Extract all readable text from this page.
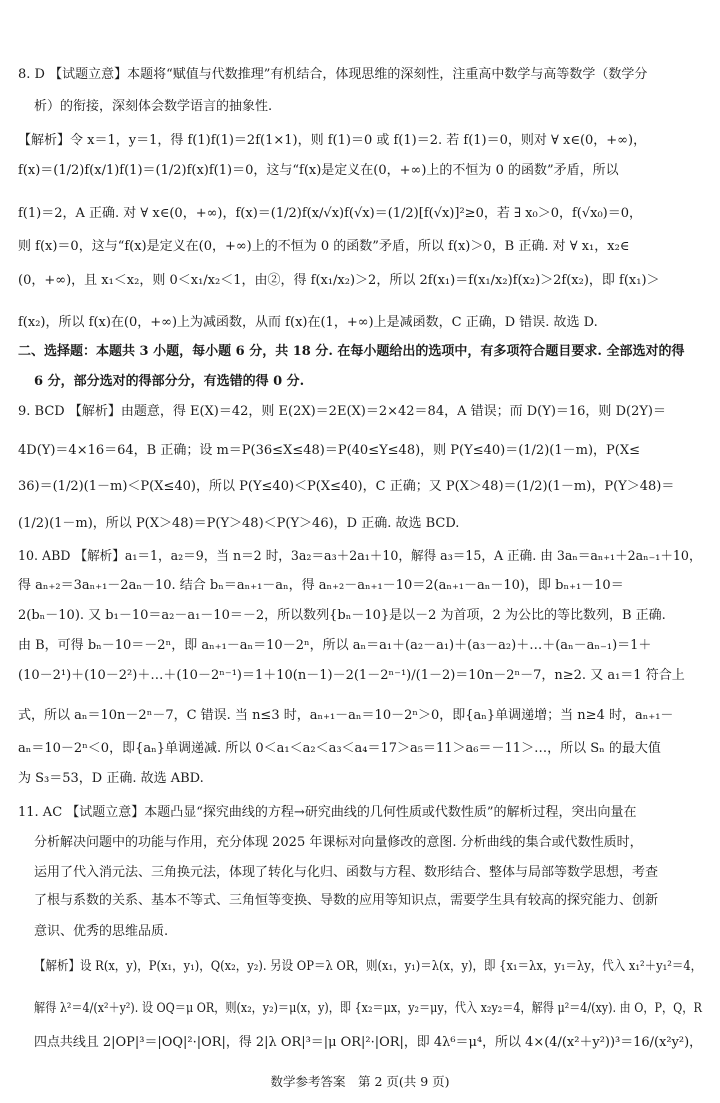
8. D 【试题立意】本题将“赋值与代数推理”有机结合，体现思维的深刻性，注重高中数学与高等数学（数学分
析）的衔接，深刻体会数学语言的抽象性.
【解析】令 x＝1，y＝1，得 f(1)f(1)＝2f(1×1)，则 f(1)＝0 或 f(1)＝2. 若 f(1)＝0，则对 ∀ x∈(0，+∞)，
f(x)＝(1/2)f(x/1)f(1)＝(1/2)f(x)f(1)＝0，这与“f(x)是定义在(0，+∞)上的不恒为 0 的函数”矛盾，所以
f(1)＝2，A 正确. 对 ∀ x∈(0，+∞)，f(x)＝(1/2)f(x/√x)f(√x)＝(1/2)[f(√x)]²≥0，若 ∃ x₀＞0，f(√x₀)＝0，
则 f(x)＝0，这与“f(x)是定义在(0，+∞)上的不恒为 0 的函数”矛盾，所以 f(x)＞0，B 正确. 对 ∀ x₁，x₂∈
(0，+∞)，且 x₁＜x₂，则 0＜x₁/x₂＜1，由②，得 f(x₁/x₂)＞2，所以 2f(x₁)＝f(x₁/x₂)f(x₂)＞2f(x₂)，即 f(x₁)＞
f(x₂)，所以 f(x)在(0，+∞)上为减函数，从而 f(x)在(1，+∞)上是减函数，C 正确，D 错误. 故选 D.
二、选择题：本题共 3 小题，每小题 6 分，共 18 分. 在每小题给出的选项中，有多项符合题目要求. 全部选对的得
6 分，部分选对的得部分分，有选错的得 0 分.
9. BCD 【解析】由题意，得 E(X)＝42，则 E(2X)＝2E(X)＝2×42＝84，A 错误；而 D(Y)＝16，则 D(2Y)＝
4D(Y)＝4×16＝64，B 正确；设 m＝P(36≤X≤48)＝P(40≤Y≤48)，则 P(Y≤40)＝(1/2)(1－m)，P(X≤
36)＝(1/2)(1－m)＜P(X≤40)，所以 P(Y≤40)＜P(X≤40)，C 正确；又 P(X＞48)＝(1/2)(1－m)，P(Y＞48)＝
(1/2)(1－m)，所以 P(X＞48)＝P(Y＞48)＜P(Y＞46)，D 正确. 故选 BCD.
10. ABD 【解析】a₁＝1，a₂＝9，当 n＝2 时，3a₂＝a₃＋2a₁＋10，解得 a₃＝15，A 正确. 由 3aₙ＝aₙ₊₁＋2aₙ₋₁＋10，
得 aₙ₊₂＝3aₙ₊₁－2aₙ－10. 结合 bₙ＝aₙ₊₁－aₙ，得 aₙ₊₂－aₙ₊₁－10＝2(aₙ₊₁－aₙ－10)，即 bₙ₊₁－10＝
2(bₙ－10). 又 b₁－10＝a₂－a₁－10＝－2，所以数列{bₙ－10}是以－2 为首项，2 为公比的等比数列，B 正确.
由 B，可得 bₙ－10＝－2ⁿ，即 aₙ₊₁－aₙ＝10－2ⁿ，所以 aₙ＝a₁＋(a₂－a₁)＋(a₃－a₂)＋…＋(aₙ－aₙ₋₁)＝1＋
(10－2¹)＋(10－2²)＋…＋(10－2ⁿ⁻¹)＝1＋10(n－1)－2(1－2ⁿ⁻¹)/(1－2)＝10n－2ⁿ－7，n≥2. 又 a₁＝1 符合上
式，所以 aₙ＝10n－2ⁿ－7，C 错误. 当 n≤3 时，aₙ₊₁－aₙ＝10－2ⁿ＞0，即{aₙ}单调递增；当 n≥4 时，aₙ₊₁－
aₙ＝10－2ⁿ＜0，即{aₙ}单调递减. 所以 0＜a₁＜a₂＜a₃＜a₄＝17＞a₅＝11＞a₆＝－11＞…，所以 Sₙ 的最大值
为 S₃＝53，D 正确. 故选 ABD.
11. AC 【试题立意】本题凸显“探究曲线的方程→研究曲线的几何性质或代数性质”的解析过程，突出向量在
分析解决问题中的功能与作用，充分体现 2025 年课标对向量修改的意图. 分析曲线的集合或代数性质时，
运用了代入消元法、三角换元法，体现了转化与化归、函数与方程、数形结合、整体与局部等数学思想，考查
了根与系数的关系、基本不等式、三角恒等变换、导数的应用等知识点，需要学生具有较高的探究能力、创新
意识、优秀的思维品质.
【解析】设 R(x，y)，P(x₁，y₁)，Q(x₂，y₂). 另设 OP＝λ OR，则(x₁，y₁)＝λ(x，y)，即 {x₁＝λx，y₁＝λy，代入 x₁²＋y₁²＝4，
解得 λ²＝4/(x²＋y²). 设 OQ＝μ OR，则(x₂，y₂)＝μ(x，y)，即 {x₂＝μx，y₂＝μy，代入 x₂y₂＝4，解得 μ²＝4/(xy). 由 O，P，Q，R
四点共线且 2|OP|³＝|OQ|²·|OR|，得 2|λ OR|³＝|μ OR|²·|OR|，即 4λ⁶＝μ⁴，所以 4×(4/(x²＋y²))³＝16/(x²y²)，
数学参考答案　第 2 页(共 9 页)
